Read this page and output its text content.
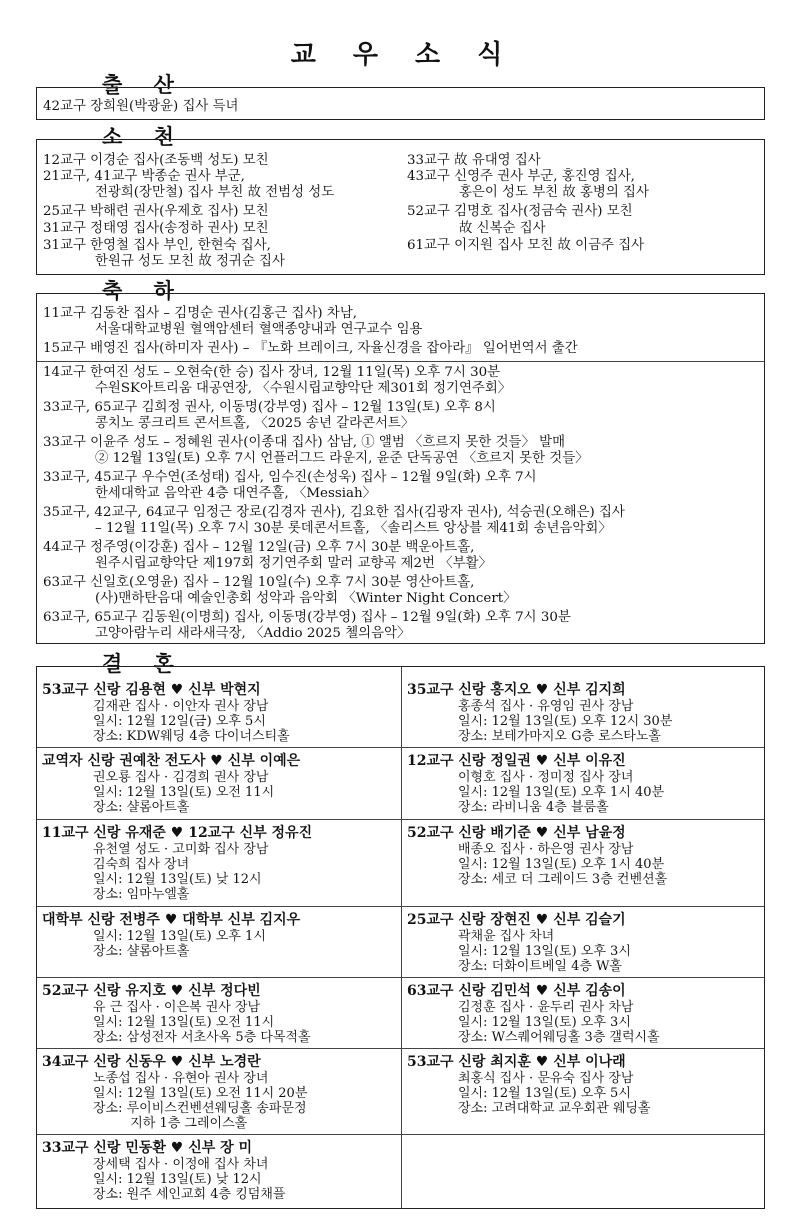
교 우 소 식
출 산
42교구 장희원(박광윤) 집사 득녀
소 천
12교구 이경순 집사(조동백 성도) 모친
21교구, 41교구 박종순 권사 부군,
전광희(장만철) 집사 부친 故 전범성 성도
25교구 박해련 권사(우제호 집사) 모친
31교구 정태영 집사(송정하 권사) 모친
31교구 한영철 집사 부인, 한현숙 집사,
한원규 성도 모친 故 정귀순 집사
33교구 故 유대영 집사
43교구 신영주 권사 부군, 홍진영 집사,
홍은이 성도 부친 故 홍병의 집사
52교구 김명호 집사(정금숙 권사) 모친
故 신복순 집사
61교구 이지원 집사 모친 故 이금주 집사
축 하
11교구 김동찬 집사 – 김명순 권사(김홍근 집사) 차남,
서울대학교병원 혈액암센터 혈액종양내과 연구교수 임용
15교구 배영진 집사(하미자 권사) – 『노화 브레이크, 자율신경을 잡아라』 일어번역서 출간
14교구 한여진 성도 – 오현숙(한 승) 집사 장녀, 12월 11일(목) 오후 7시 30분
수원SK아트리움 대공연장, 〈수원시립교향악단 제301회 정기연주회〉
33교구, 65교구 김희정 권사, 이동명(강부영) 집사 – 12월 13일(토) 오후 8시
콩치노 콩크리트 콘서트홀, 〈2025 송년 갈라콘서트〉
33교구 이윤주 성도 – 정혜원 권사(이종대 집사) 삼남, ① 앨범 〈흐르지 못한 것들〉 발매
② 12월 13일(토) 오후 7시 언플러그드 라운지, 윤준 단독공연 〈흐르지 못한 것들〉
33교구, 45교구 우수연(조성태) 집사, 임수진(손성욱) 집사 – 12월 9일(화) 오후 7시
한세대학교 음악관 4층 대연주홀, 〈Messiah〉
35교구, 42교구, 64교구 임정근 장로(김경자 권사), 김요한 집사(김광자 권사), 석승권(오해은) 집사
– 12월 11일(목) 오후 7시 30분 롯데콘서트홀, 〈솔리스트 앙상블 제41회 송년음악회〉
44교구 정주영(이강훈) 집사 – 12월 12일(금) 오후 7시 30분 백운아트홀,
원주시립교향악단 제197회 정기연주회 말러 교향곡 제2번 〈부활〉
63교구 신일호(오영윤) 집사 – 12월 10일(수) 오후 7시 30분 영산아트홀,
(사)맨하탄음대 예술인총회 성악과 음악회 〈Winter Night Concert〉
63교구, 65교구 김동원(이명희) 집사, 이동명(강부영) 집사 – 12월 9일(화) 오후 7시 30분
고양아람누리 새라새극장, 〈Addio 2025 첼의음악〉
결 혼
53교구 신랑 김용현 ♥ 신부 박현지
김재관 집사 · 이안자 권사 장남
일시: 12월 12일(금) 오후 5시
장소: KDW웨딩 4층 다이너스티홀
35교구 신랑 홍지오 ♥ 신부 김지희
홍종석 집사 · 유영임 권사 장남
일시: 12월 13일(토) 오후 12시 30분
장소: 보테가마지오 G층 로스타노홀
교역자 신랑 권예찬 전도사 ♥ 신부 이예은
권오룡 집사 · 김경희 권사 장남
일시: 12월 13일(토) 오전 11시
장소: 샬롬아트홀
12교구 신랑 정일권 ♥ 신부 이유진
이형호 집사 · 정미정 집사 장녀
일시: 12월 13일(토) 오후 1시 40분
장소: 라비니움 4층 블룸홀
11교구 신랑 유재준 ♥ 12교구 신부 정유진
유천열 성도 · 고미화 집사 장남
김숙희 집사 장녀
일시: 12월 13일(토) 낮 12시
장소: 임마누엘홀
52교구 신랑 배기준 ♥ 신부 남윤정
배종오 집사 · 하은영 권사 장남
일시: 12월 13일(토) 오후 1시 40분
장소: 세코 더 그레이드 3층 컨벤션홀
대학부 신랑 전병주 ♥ 대학부 신부 김지우
일시: 12월 13일(토) 오후 1시
장소: 샬롬아트홀
25교구 신랑 장현진 ♥ 신부 김슬기
곽채윤 집사 차녀
일시: 12월 13일(토) 오후 3시
장소: 더화이트베일 4층 W홀
52교구 신랑 유지호 ♥ 신부 정다빈
유 근 집사 · 이은복 권사 장남
일시: 12월 13일(토) 오전 11시
장소: 삼성전자 서초사옥 5층 다목적홀
63교구 신랑 김민석 ♥ 신부 김송이
김정훈 집사 · 윤두리 권사 차남
일시: 12월 13일(토) 오후 3시
장소: W스퀘어웨딩홀 3층 갤럭시홀
34교구 신랑 신동우 ♥ 신부 노경란
노종섭 집사 · 유현아 권사 장녀
일시: 12월 13일(토) 오전 11시 20분
장소: 루이비스컨벤션웨딩홀 송파문정
지하 1층 그레이스홀
53교구 신랑 최지훈 ♥ 신부 이나래
최홍식 집사 · 문유숙 집사 장남
일시: 12월 13일(토) 오후 5시
장소: 고려대학교 교우회관 웨딩홀
33교구 신랑 민동환 ♥ 신부 장 미
장세택 집사 · 이정애 집사 차녀
일시: 12월 13일(토) 낮 12시
장소: 원주 세인교회 4층 킹덤채플
